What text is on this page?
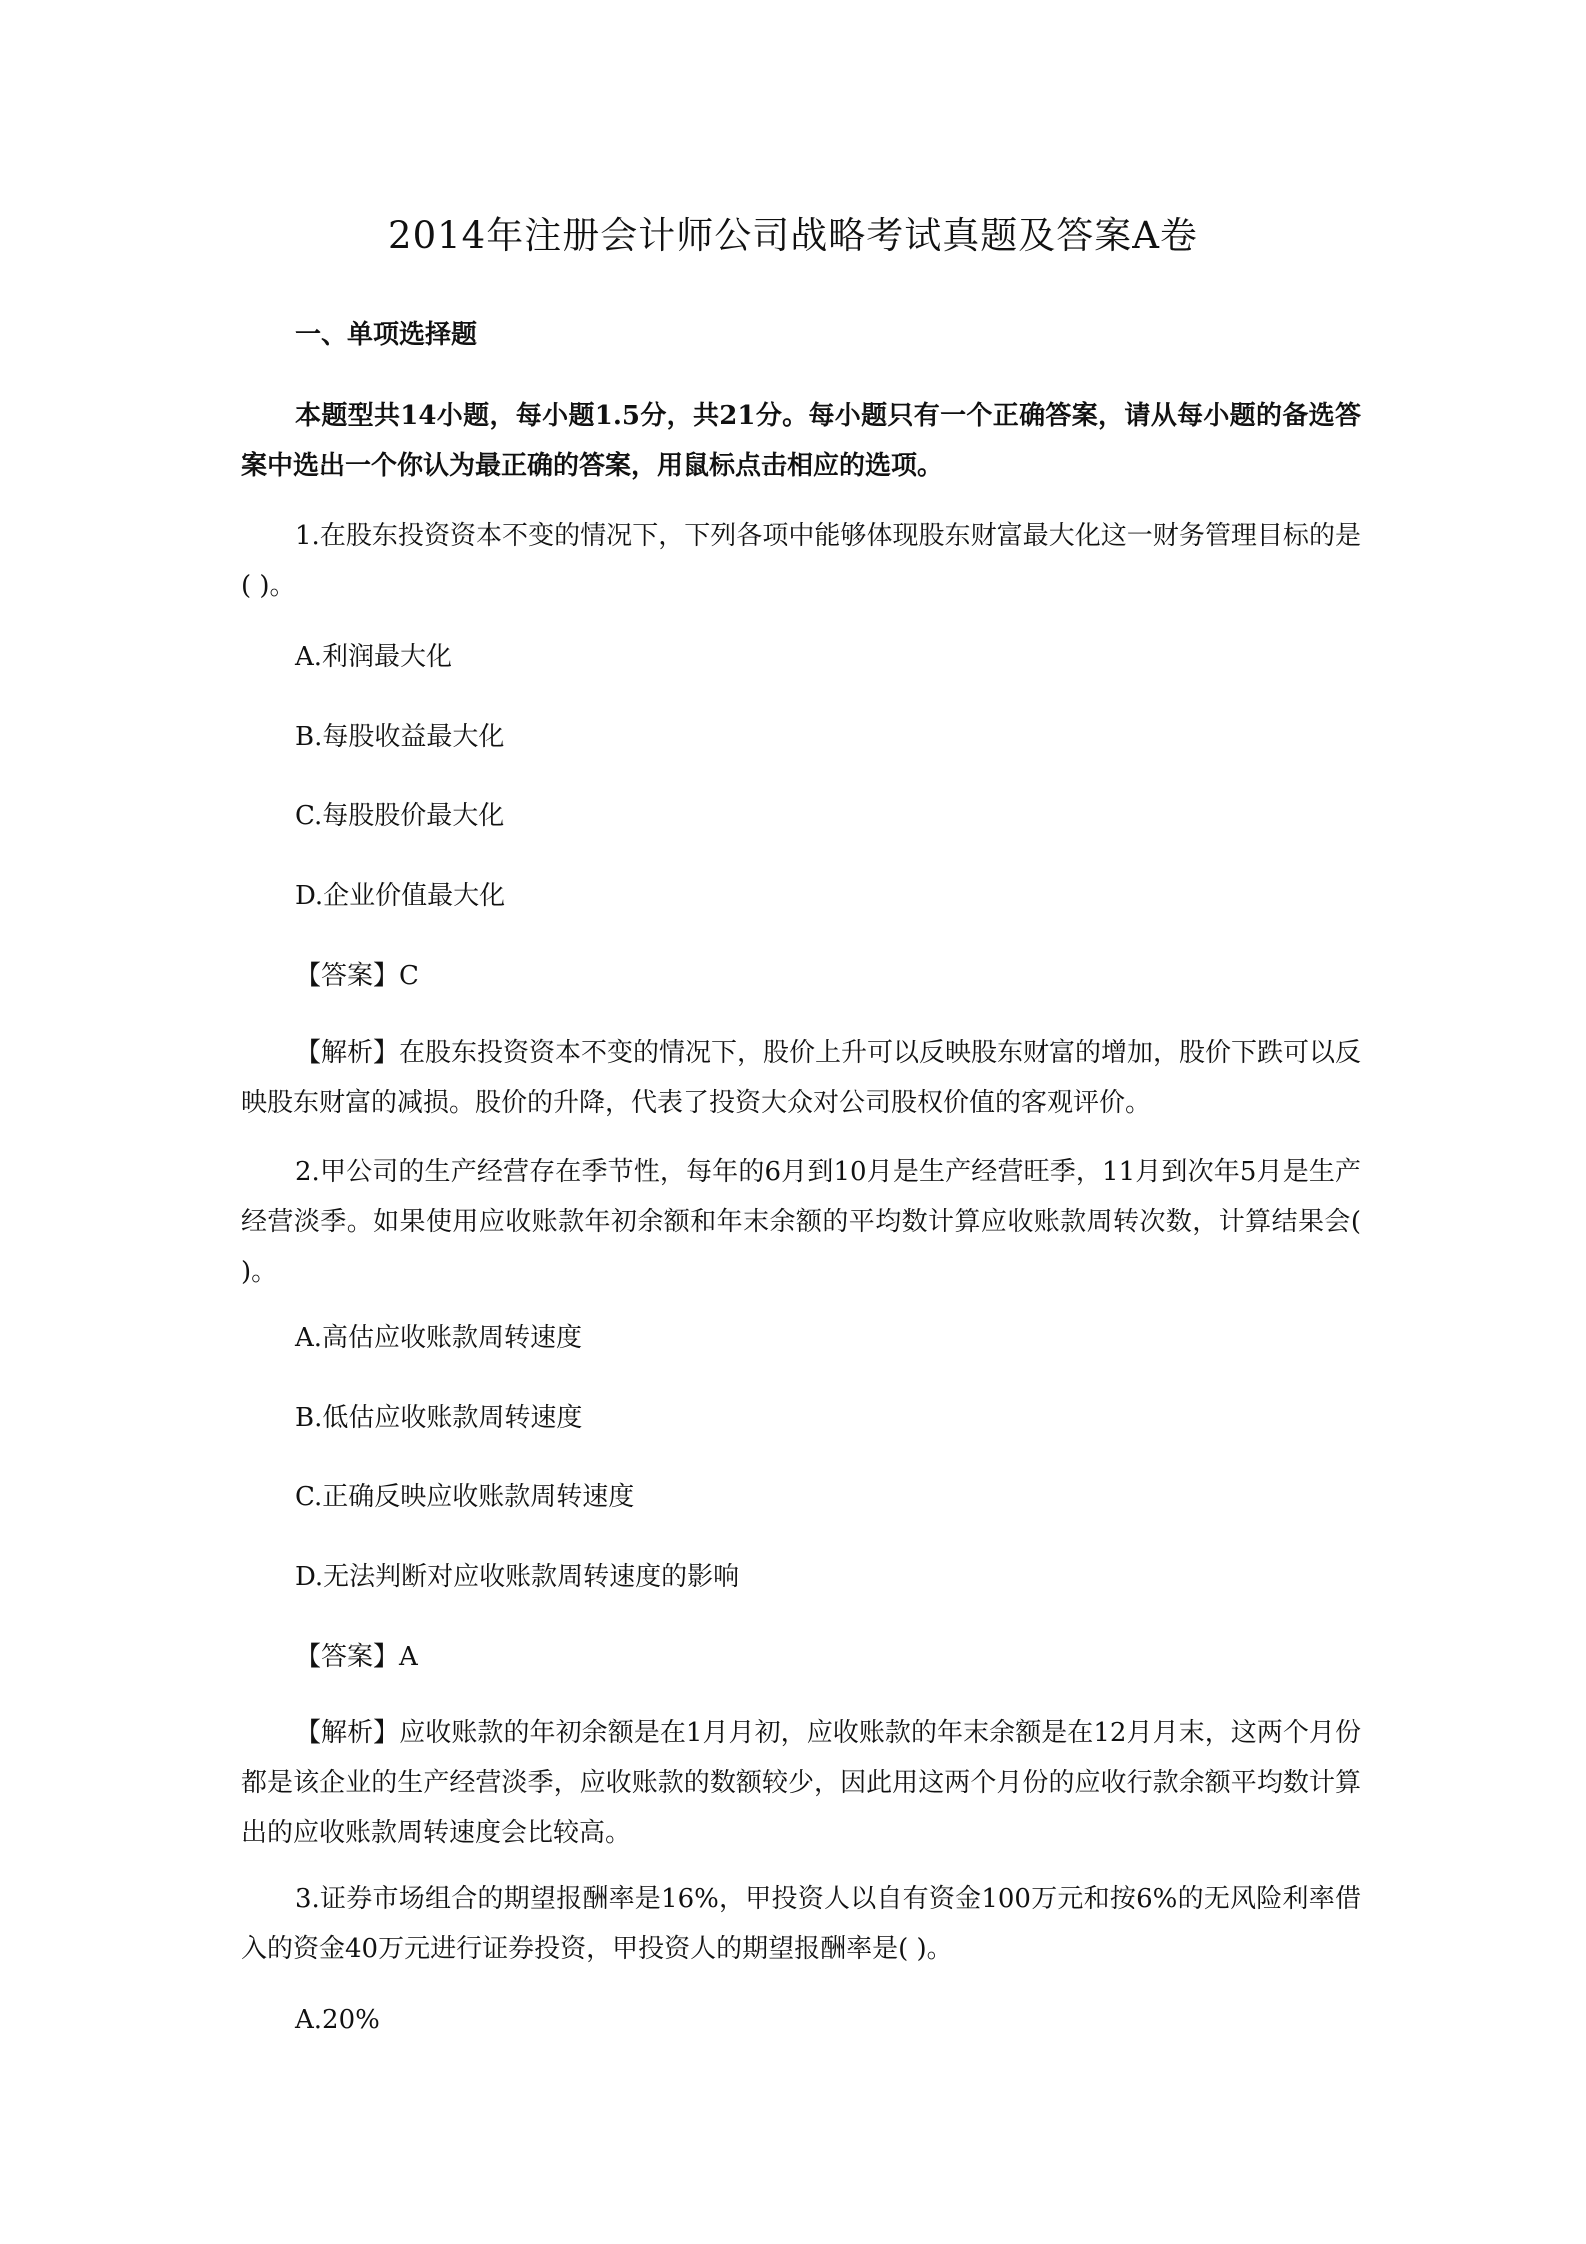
2014年注册会计师公司战略考试真题及答案A卷

一、单项选择题

本题型共14小题，每小题1.5分，共21分。每小题只有一个正确答案，请从每小题的备选答案中选出一个你认为最正确的答案，用鼠标点击相应的选项。

1.在股东投资资本不变的情况下，下列各项中能够体现股东财富最大化这一财务管理目标的是( )。

A.利润最大化

B.每股收益最大化

C.每股股价最大化

D.企业价值最大化

【答案】C

【解析】在股东投资资本不变的情况下，股价上升可以反映股东财富的增加，股价下跌可以反映股东财富的减损。股价的升降，代表了投资大众对公司股权价值的客观评价。

2.甲公司的生产经营存在季节性，每年的6月到10月是生产经营旺季，11月到次年5月是生产经营淡季。如果使用应收账款年初余额和年末余额的平均数计算应收账款周转次数，计算结果会( )。

A.高估应收账款周转速度

B.低估应收账款周转速度

C.正确反映应收账款周转速度

D.无法判断对应收账款周转速度的影响

【答案】A

【解析】应收账款的年初余额是在1月月初，应收账款的年末余额是在12月月末，这两个月份都是该企业的生产经营淡季，应收账款的数额较少，因此用这两个月份的应收行款余额平均数计算出的应收账款周转速度会比较高。

3.证券市场组合的期望报酬率是16%，甲投资人以自有资金100万元和按6%的无风险利率借入的资金40万元进行证券投资，甲投资人的期望报酬率是( )。

A.20%
